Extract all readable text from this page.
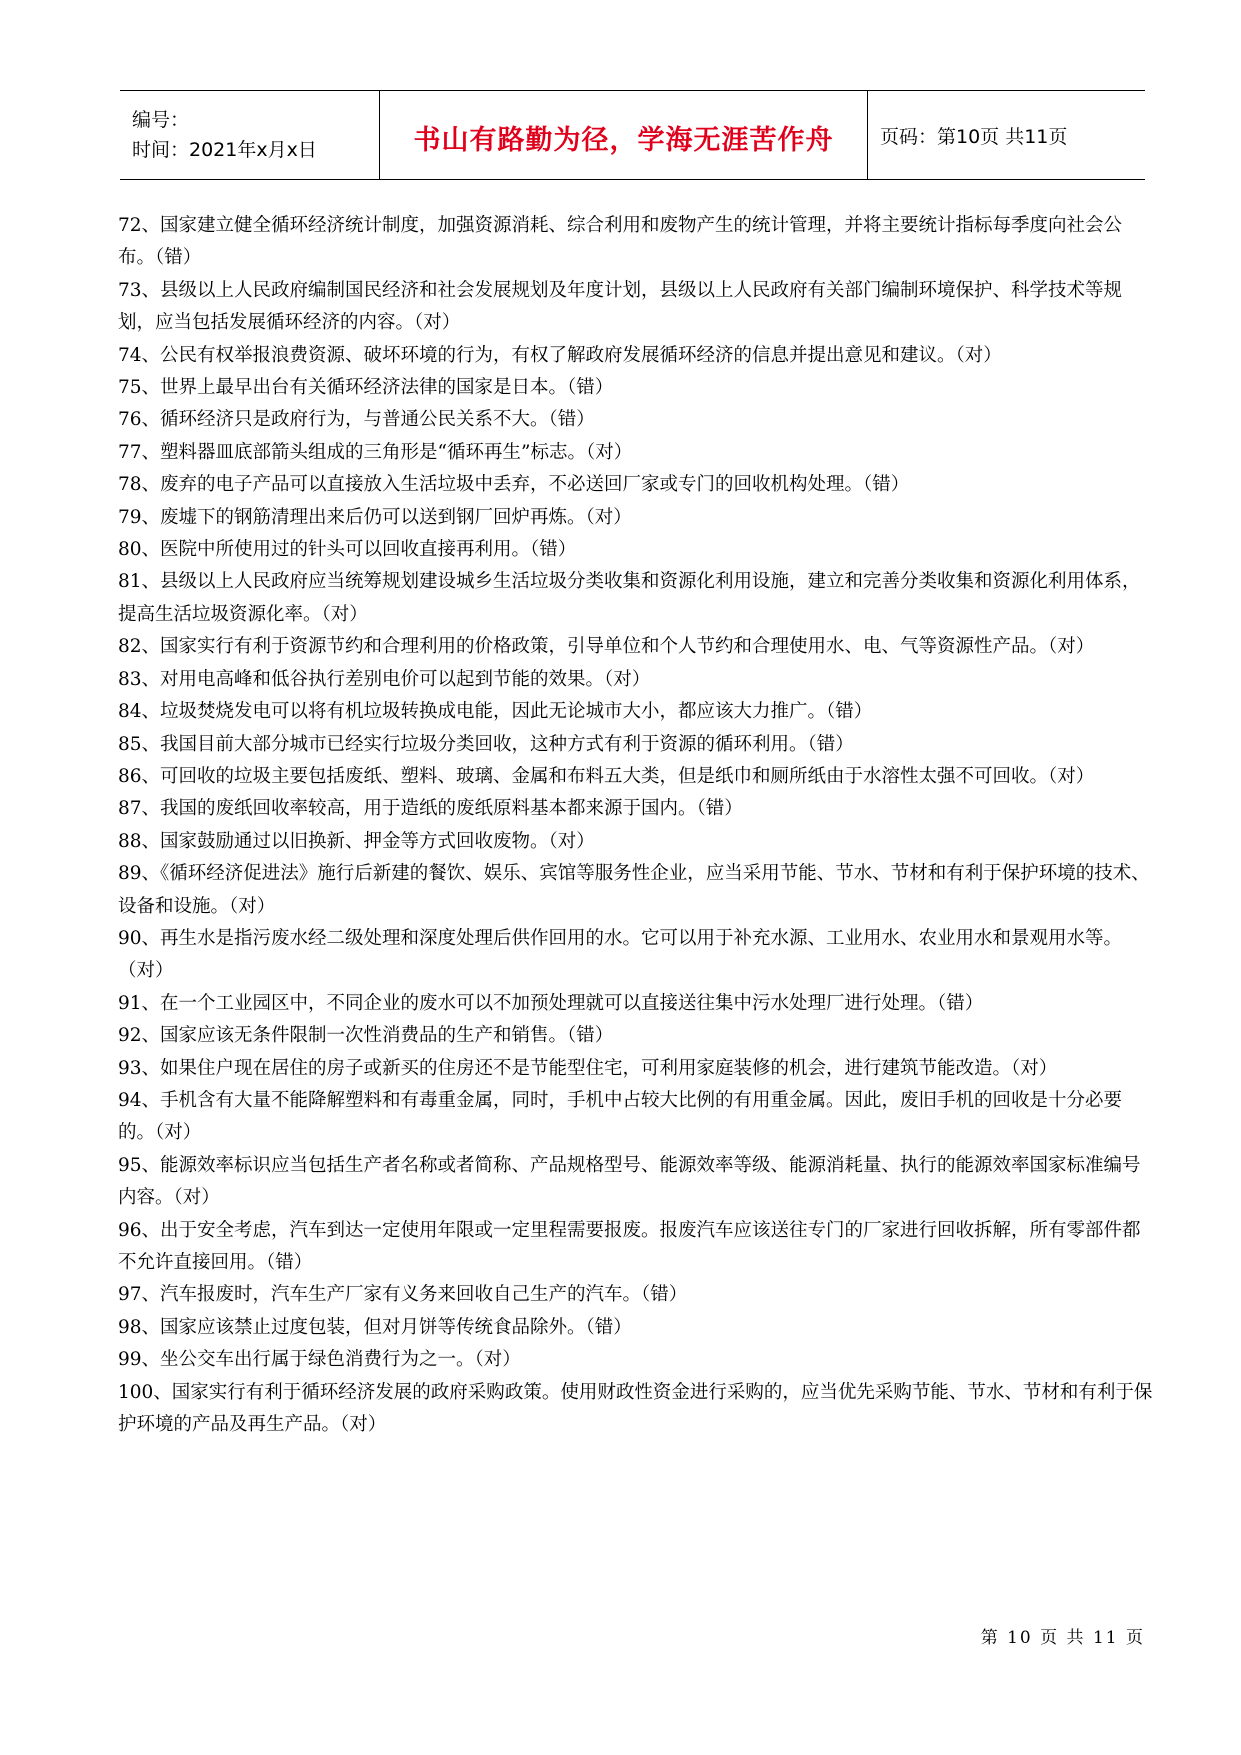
编号：
时间：2021年x月x日	书山有路勤为径，学海无涯苦作舟 页码：第10页 共11页

72、国家建立健全循环经济统计制度，加强资源消耗、综合利用和废物产生的统计管理，并将主要统计指标每季度向社会公布。（错）

73、县级以上人民政府编制国民经济和社会发展规划及年度计划，县级以上人民政府有关部门编制环境保护、科学技术等规划，应当包括发展循环经济的内容。（对）

74、公民有权举报浪费资源、破坏环境的行为，有权了解政府发展循环经济的信息并提出意见和建议。（对）

75、世界上最早出台有关循环经济法律的国家是日本。（错）

76、循环经济只是政府行为，与普通公民关系不大。（错）

77、塑料器皿底部箭头组成的三角形是“循环再生”标志。（对）

78、废弃的电子产品可以直接放入生活垃圾中丢弃，不必送回厂家或专门的回收机构处理。（错）

79、废墟下的钢筋清理出来后仍可以送到钢厂回炉再炼。（对）

80、医院中所使用过的针头可以回收直接再利用。（错）

81、县级以上人民政府应当统筹规划建设城乡生活垃圾分类收集和资源化利用设施，建立和完善分类收集和资源化利用体系，提高生活垃圾资源化率。（对）

82、国家实行有利于资源节约和合理利用的价格政策，引导单位和个人节约和合理使用水、电、气等资源性产品。（对）

83、对用电高峰和低谷执行差别电价可以起到节能的效果。（对）

84、垃圾焚烧发电可以将有机垃圾转换成电能，因此无论城市大小，都应该大力推广。（错）

85、我国目前大部分城市已经实行垃圾分类回收，这种方式有利于资源的循环利用。（错）

86、可回收的垃圾主要包括废纸、塑料、玻璃、金属和布料五大类，但是纸巾和厕所纸由于水溶性太强不可回收。（对）

87、我国的废纸回收率较高，用于造纸的废纸原料基本都来源于国内。（错）

88、国家鼓励通过以旧换新、押金等方式回收废物。（对）

89、《循环经济促进法》施行后新建的餐饮、娱乐、宾馆等服务性企业，应当采用节能、节水、节材和有利于保护环境的技术、设备和设施。（对）

90、再生水是指污废水经二级处理和深度处理后供作回用的水。它可以用于补充水源、工业用水、农业用水和景观用水等。（对）

91、在一个工业园区中，不同企业的废水可以不加预处理就可以直接送往集中污水处理厂进行处理。（错）

92、国家应该无条件限制一次性消费品的生产和销售。（错）

93、如果住户现在居住的房子或新买的住房还不是节能型住宅，可利用家庭装修的机会，进行建筑节能改造。（对）

94、手机含有大量不能降解塑料和有毒重金属，同时，手机中占较大比例的有用重金属。因此，废旧手机的回收是十分必要的。（对）

95、能源效率标识应当包括生产者名称或者简称、产品规格型号、能源效率等级、能源消耗量、执行的能源效率国家标准编号内容。（对）

96、出于安全考虑，汽车到达一定使用年限或一定里程需要报废。报废汽车应该送往专门的厂家进行回收拆解，所有零部件都不允许直接回用。（错）

97、汽车报废时，汽车生产厂家有义务来回收自己生产的汽车。（错）

98、国家应该禁止过度包装，但对月饼等传统食品除外。（错）

99、坐公交车出行属于绿色消费行为之一。（对）

100、国家实行有利于循环经济发展的政府采购政策。使用财政性资金进行采购的，应当优先采购节能、节水、节材和有利于保护环境的产品及再生产品。（对）

第 10 页 共 11 页
